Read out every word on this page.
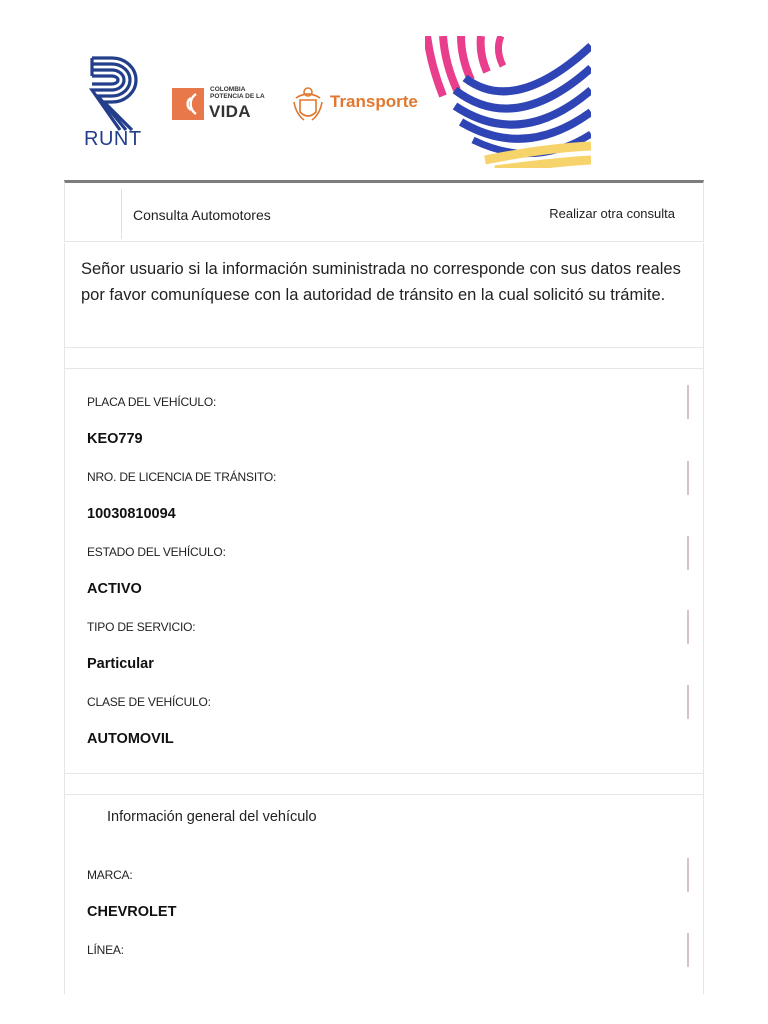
RUNT
COLOMBIA
POTENCIA DE LA
VIDA
Transporte
Consulta Automotores	Realizar otra consulta
Señor usuario si la información suministrada no corresponde con sus datos reales por favor comuníquese con la autoridad de tránsito en la cual solicitó su trámite.
PLACA DEL VEHÍCULO:
KEO779
NRO. DE LICENCIA DE TRÁNSITO:
10030810094
ESTADO DEL VEHÍCULO:
ACTIVO
TIPO DE SERVICIO:
Particular
CLASE DE VEHÍCULO:
AUTOMOVIL
Información general del vehículo
MARCA:
CHEVROLET
LÍNEA:
